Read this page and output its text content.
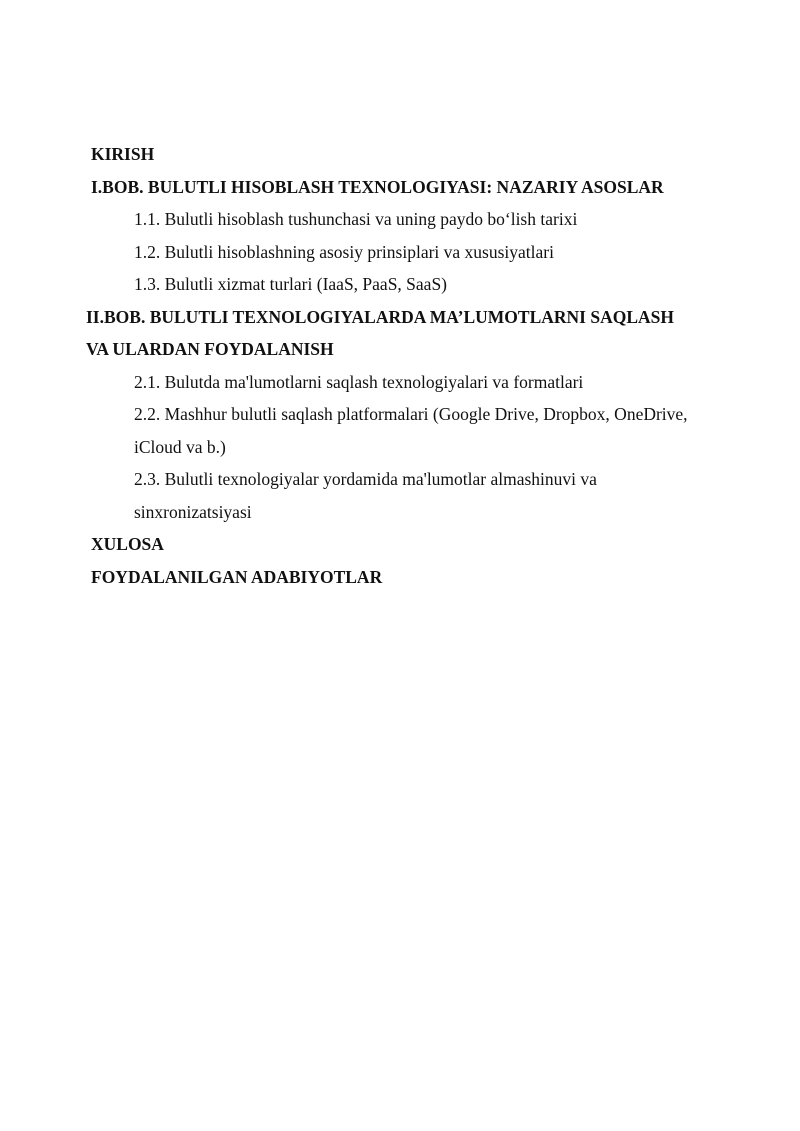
KIRISH
I.BOB. BULUTLI HISOBLASH TEXNOLOGIYASI: NAZARIY ASOSLAR
1.1. Bulutli hisoblash tushunchasi va uning paydo bo‘lish tarixi
1.2. Bulutli hisoblashning asosiy prinsiplari va xususiyatlari
1.3. Bulutli xizmat turlari (IaaS, PaaS, SaaS)
II.BOB. BULUTLI TEXNOLOGIYALARDA MA’LUMOTLARNI SAQLASH
VA ULARDAN FOYDALANISH
2.1. Bulutda ma'lumotlarni saqlash texnologiyalari va formatlari
2.2. Mashhur bulutli saqlash platformalari (Google Drive, Dropbox, OneDrive,
iCloud va b.)
2.3. Bulutli texnologiyalar yordamida ma'lumotlar almashinuvi va
sinxronizatsiyasi
XULOSA
FOYDALANILGAN ADABIYOTLAR
